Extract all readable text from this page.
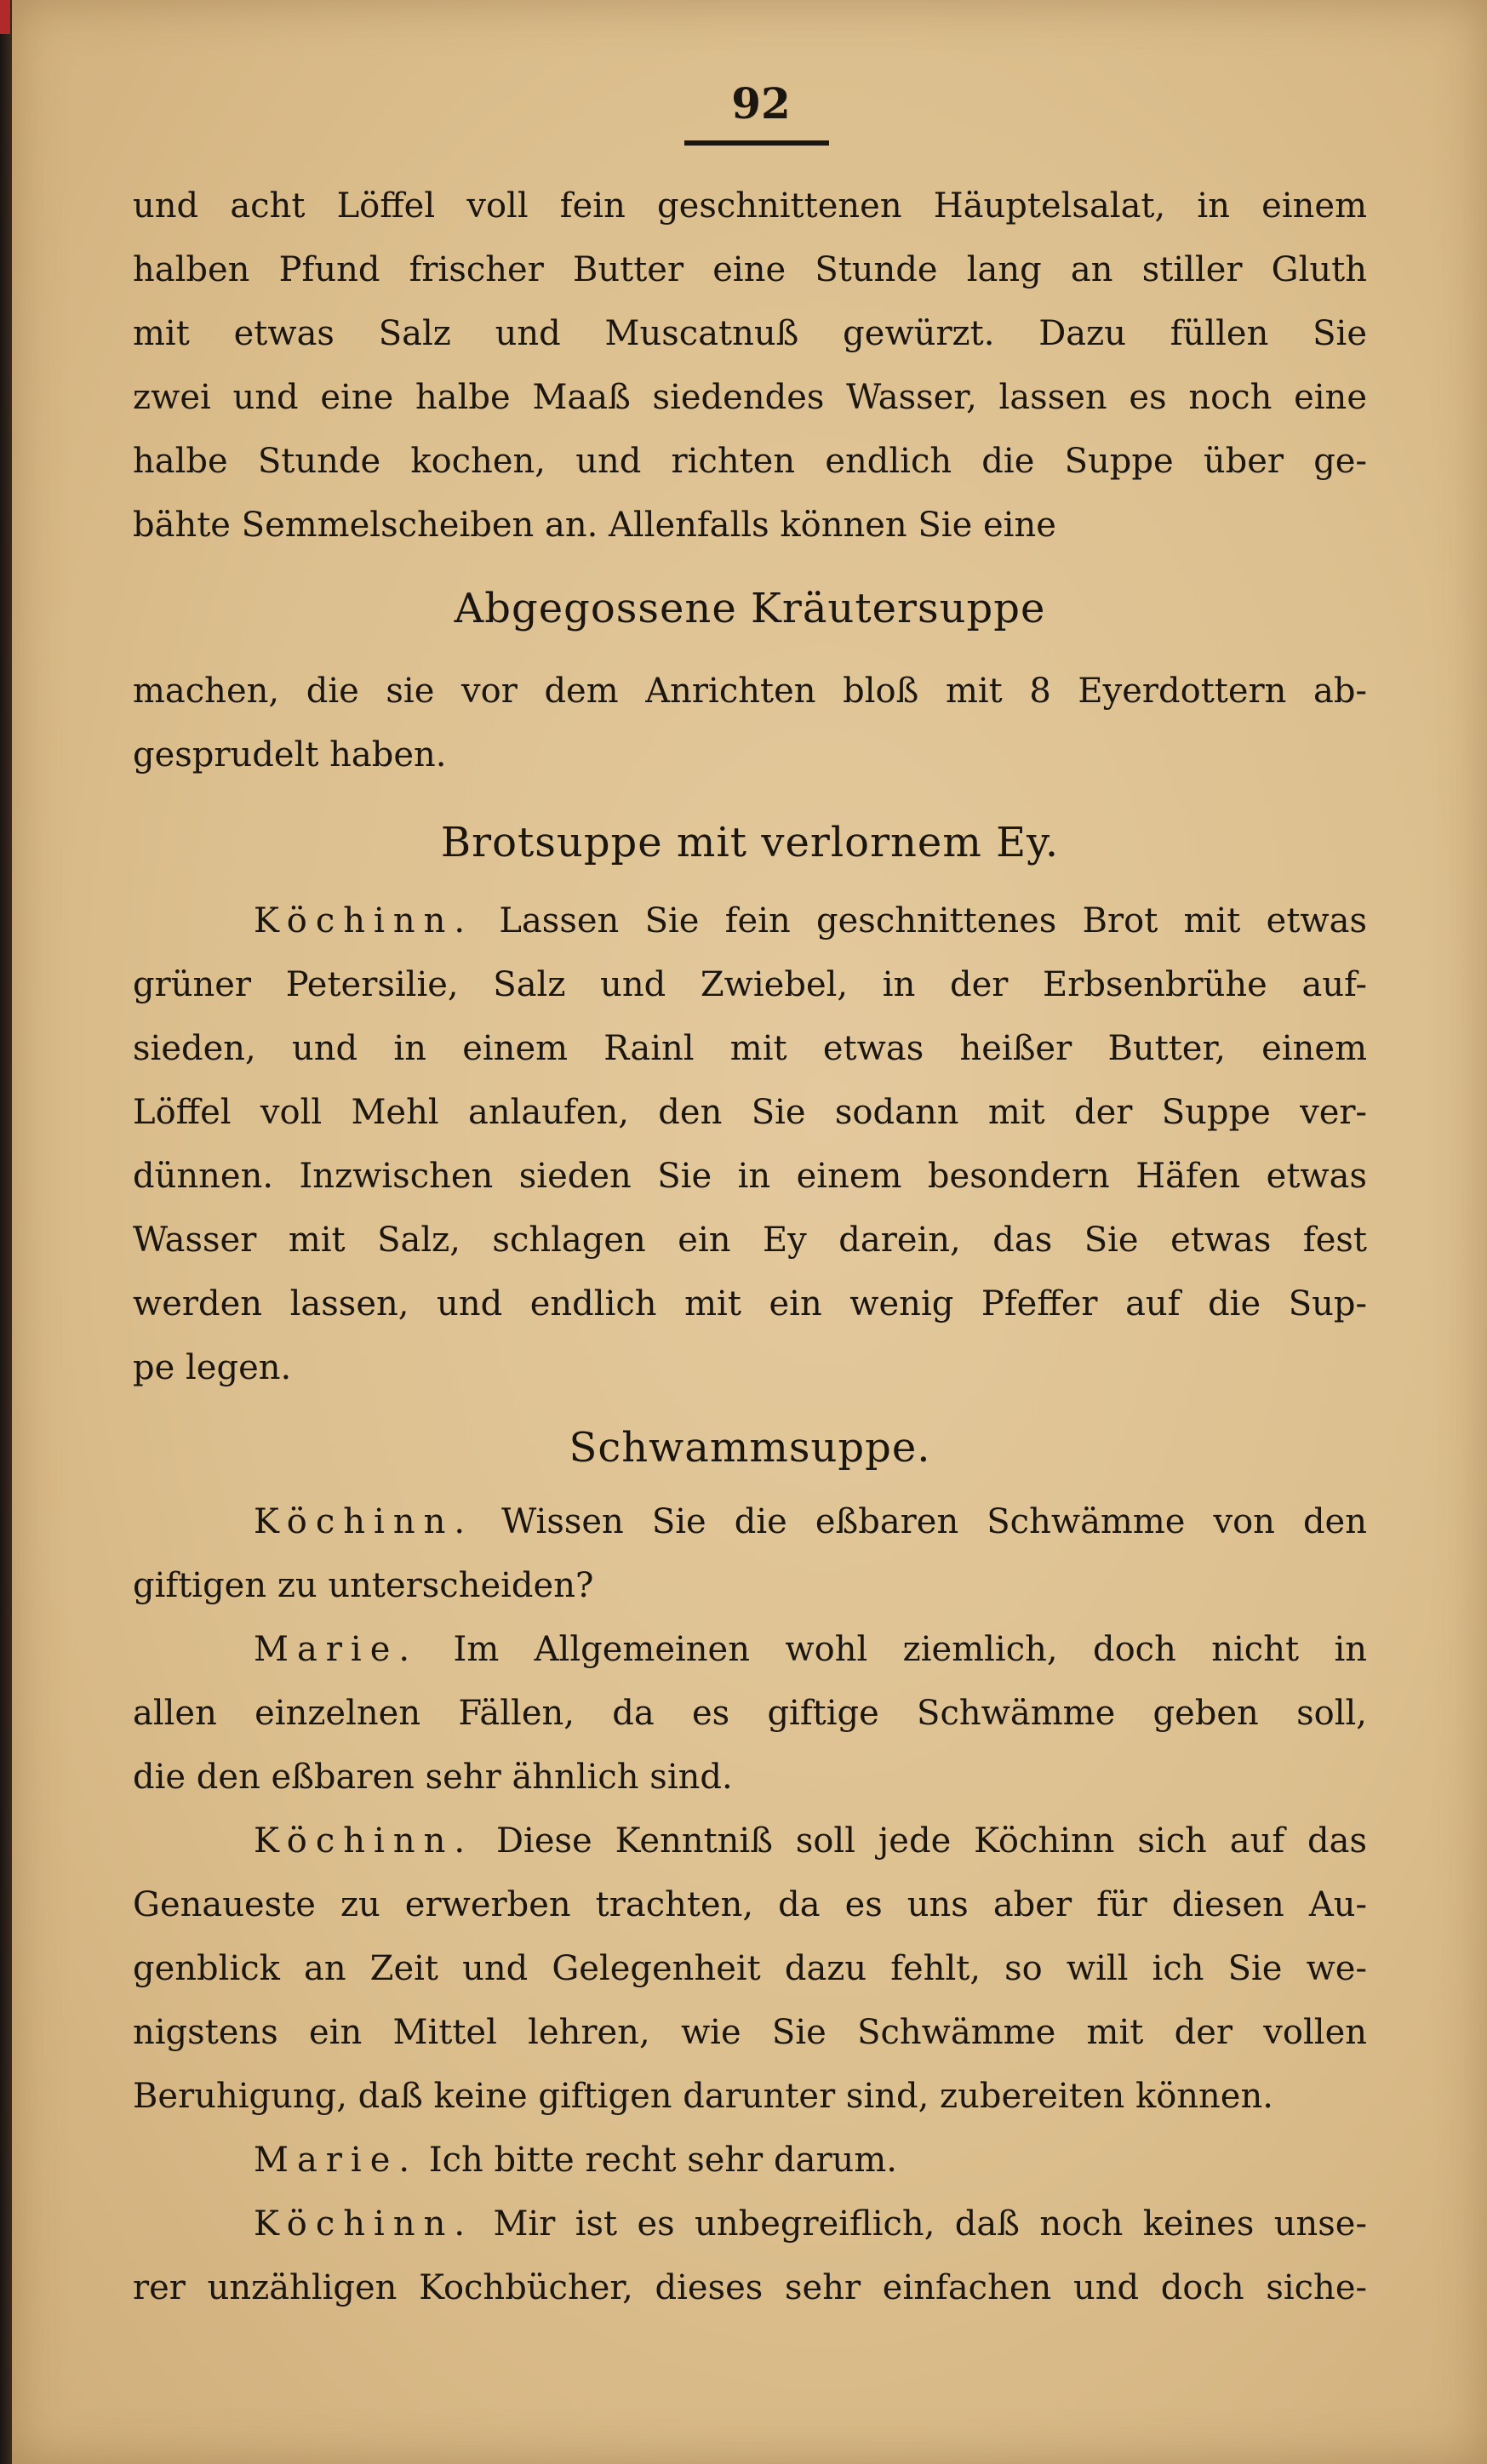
92

und acht Löffel voll fein geschnittenen Häuptelsalat, in einem

halben Pfund frischer Butter eine Stunde lang an stiller Gluth

mit etwas Salz und Muscatnuß gewürzt. Dazu füllen Sie

zwei und eine halbe Maaß siedendes Wasser, lassen es noch eine

halbe Stunde kochen, und richten endlich die Suppe über ge-

bähte Semmelscheiben an. Allenfalls können Sie eine

Abgegossene Kräutersuppe

machen, die sie vor dem Anrichten bloß mit 8 Eyerdottern ab-

gesprudelt haben.

Brotsuppe mit verlornem Ey.

Köchinn. Lassen Sie fein geschnittenes Brot mit etwas

grüner Petersilie, Salz und Zwiebel, in der Erbsenbrühe auf-

sieden, und in einem Rainl mit etwas heißer Butter, einem

Löffel voll Mehl anlaufen, den Sie sodann mit der Suppe ver-

dünnen. Inzwischen sieden Sie in einem besondern Häfen etwas

Wasser mit Salz, schlagen ein Ey darein, das Sie etwas fest

werden lassen, und endlich mit ein wenig Pfeffer auf die Sup-

pe legen.

Schwammsuppe.

Köchinn. Wissen Sie die eßbaren Schwämme von den

giftigen zu unterscheiden?

Marie. Im Allgemeinen wohl ziemlich, doch nicht in

allen einzelnen Fällen, da es giftige Schwämme geben soll,

die den eßbaren sehr ähnlich sind.

Köchinn. Diese Kenntniß soll jede Köchinn sich auf das

Genaueste zu erwerben trachten, da es uns aber für diesen Au-

genblick an Zeit und Gelegenheit dazu fehlt, so will ich Sie we-

nigstens ein Mittel lehren, wie Sie Schwämme mit der vollen

Beruhigung, daß keine giftigen darunter sind, zubereiten können.

Marie. Ich bitte recht sehr darum.

Köchinn. Mir ist es unbegreiflich, daß noch keines unse-

rer unzähligen Kochbücher, dieses sehr einfachen und doch siche-
